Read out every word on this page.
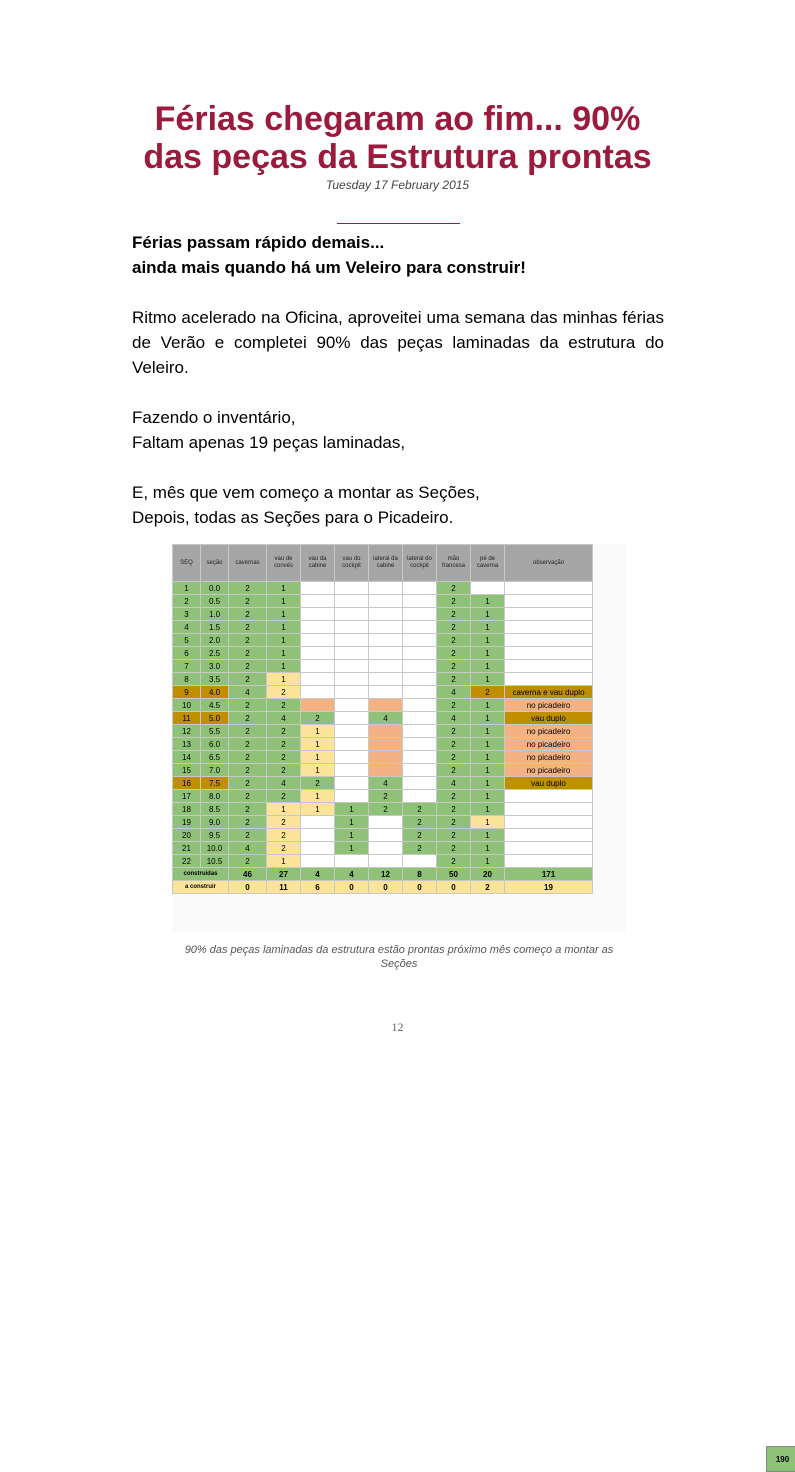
Férias chegaram ao fim... 90%
das peças da Estrutura prontas
Tuesday 17 February 2015

Férias passam rápido demais...

ainda mais quando há um Veleiro para construir!

Ritmo acelerado na Oficina, aproveitei uma semana das minhas férias de Verão e completei 90% das peças laminadas da estrutura do Veleiro.

Fazendo o inventário,

Faltam apenas 19 peças laminadas,

E, mês que vem começo a montar as Seções,

Depois, todas as Seções para o Picadeiro.

SEQ	seção	cavernas	vau de convés	vau da cabine	vau do cockpit	lateral da cabine	lateral do cockpit	mão francesa	pé de caverna	observação
1	0.0	2	1					2		
2	0.5	2	1					2	1	
3	1.0	2	1					2	1	
4	1.5	2	1					2	1	
5	2.0	2	1					2	1	
6	2.5	2	1					2	1	
7	3.0	2	1					2	1	
8	3.5	2	1					2	1	
9	4.0	4	2					4	2	caverna e vau duplo
10	4.5	2	2					2	1	no picadeiro
11	5.0	2	4	2		4		4	1	vau duplo
12	5.5	2	2	1				2	1	no picadeiro
13	6.0	2	2	1				2	1	no picadeiro
14	6.5	2	2	1				2	1	no picadeiro
15	7.0	2	2	1				2	1	no picadeiro
16	7.5	2	4	2		4		4	1	vau duplo
17	8.0	2	2	1		2		2	1	
18	8.5	2	1	1	1	2	2	2	1	
19	9.0	2	2		1		2	2	1	
20	9.5	2	2		1		2	2	1	
21	10.0	4	2		1		2	2	1	
22	10.5	2	1					2	1	
construídas		46	27	4	4	12	8	50	20	171
a construir		0	11	6	0	0	0	0	2	19
190
90% das peças laminadas da estrutura estão prontas próximo mês começo a montar as Seções
12
